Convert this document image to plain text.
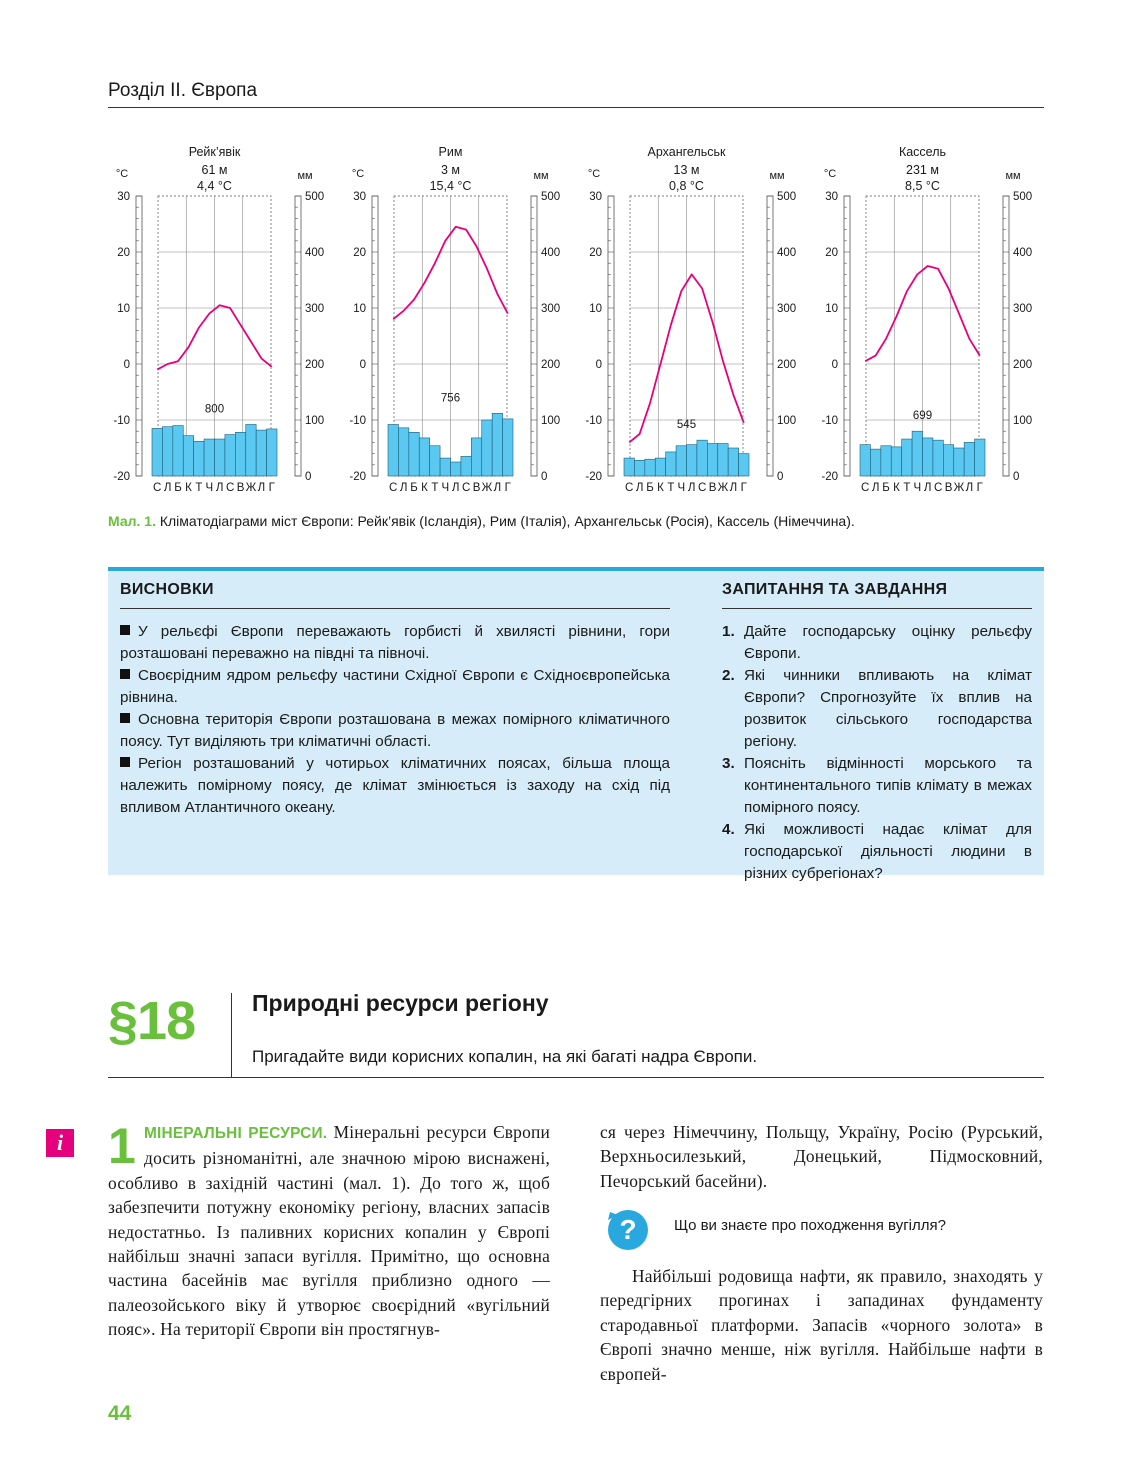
Розділ ІІ. Європа
Рейк’явік
61 м
4,4 °C
°C	мм
30
20
10
0
-10
-20
500
400
300
200
100
0
800
С Л Б К Т Ч Л С В Ж Л Г
Рим
3 м
15,4 °C
°C	мм
30
20
10
0
-10
-20
500
400
300
200
100
0
756
С Л Б К Т Ч Л С В Ж Л Г
Архангельськ
13 м
0,8 °C
°C	мм
30
20
10
0
-10
-20
500
400
300
200
100
0
545
С Л Б К Т Ч Л С В Ж Л Г
Кассель
231 м
8,5 °C
°C	мм
30
20
10
0
-10
-20
500
400
300
200
100
0
699
С Л Б К Т Ч Л С В Ж Л Г
Мал. 1. Кліматодіаграми міст Європи: Рейк’явік (Ісландія), Рим (Італія), Архангельськ (Росія), Кассель (Німеччина).
ВИСНОВКИ

У рельєфі Європи переважають горбисті й хвилясті рівнини, гори розташовані переважно на півдні та півночі.

Своєрідним ядром рельєфу частини Східної Європи є Східноєвропейська рівнина.

Основна територія Європи розташована в межах помірного кліматичного поясу. Тут виділяють три кліматичні області.

Регіон розташований у чотирьох кліматичних поясах, більша площа належить помірному поясу, де клімат змінюється із заходу на схід під впливом Атлантичного океану.

ЗАПИТАННЯ ТА ЗАВДАННЯ
1. Дайте господарську оцінку рельєфу Європи.
2. Які чинники впливають на клімат Європи? Спрогнозуйте їх вплив на розвиток сільського господарства регіону.
3. Поясніть відмінності морського та континентального типів клімату в межах помірного поясу.
4. Які можливості надає клімат для господарської діяльності людини в різних субрегіонах?
§18 Природні ресурси регіону
Пригадайте види корисних копалин, на які багаті надра Європи.
i 1 МІНЕРАЛЬНІ РЕСУРСИ. Мінеральні ресурси Європи досить різноманітні, але значною мірою виснажені, особливо в західній частині (мал. 1). До того ж, щоб забезпечити потужну економіку регіону, власних запасів недостатньо. Із паливних корисних копалин у Європі найбільш значні запаси вугілля. Примітно, що основна частина басейнів має вугілля приблизно одного — палеозойського віку й утворює своєрідний «вугільний пояс». На території Європи він простягнув-
ся через Німеччину, Польщу, Україну, Росію (Рурський, Верхньосилезький, Донецький, Підмосковний, Печорський басейни).
? Що ви знаєте про походження вугілля?
Найбільші родовища нафти, як правило, знаходять у передгірних прогинах і западинах фундаменту стародавньої платформи. Запасів «чорного золота» в Європі значно менше, ніж вугілля. Найбільше нафти в європей-
44
